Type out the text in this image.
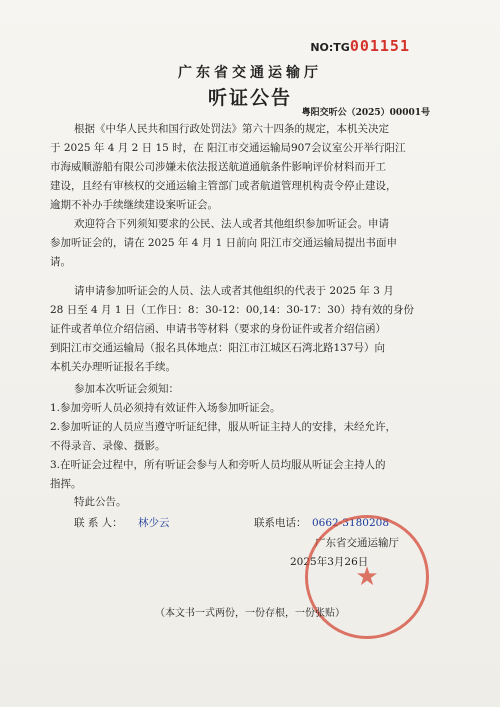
NO:TG001151
广东省交通运输厅
听证公告
粤阳交听公（2025）00001号
根据《中华人民共和国行政处罚法》第六十四条的规定，本机关决定
于 2025 年 4 月 2 日 15 时，在 阳江市交通运输局907会议室公开举行阳江
市海威顺游船有限公司涉嫌未依法报送航道通航条件影响评价材料而开工
建设，且经有审核权的交通运输主管部门或者航道管理机构责令停止建设，
逾期不补办手续继续建设案听证会。
欢迎符合下列须知要求的公民、法人或者其他组织参加听证会。申请
参加听证会的，请在 2025 年 4 月 1 日前向 阳江市交通运输局提出书面申
请。
请申请参加听证会的人员、法人或者其他组织的代表于 2025 年 3 月
28 日至 4 月 1 日（工作日：8：30-12：00,14：30-17：30）持有效的身份
证件或者单位介绍信函、申请书等材料（要求的身份证件或者介绍信函）
到阳江市交通运输局（报名具体地点：阳江市江城区石湾北路137号）向
本机关办理听证报名手续。
参加本次听证会须知：
1.参加旁听人员必须持有效证件入场参加听证会。
2.参加听证的人员应当遵守听证纪律，服从听证主持人的安排，未经允许，
不得录音、录像、摄影。
3.在听证会过程中，所有听证会参与人和旁听人员均服从听证会主持人的
指挥。
特此公告。
联 系 人： 林少云	联系电话： 0662-3180208
广东省交通运输厅
2025年3月26日
★
（本文书一式两份，一份存根，一份张贴）
